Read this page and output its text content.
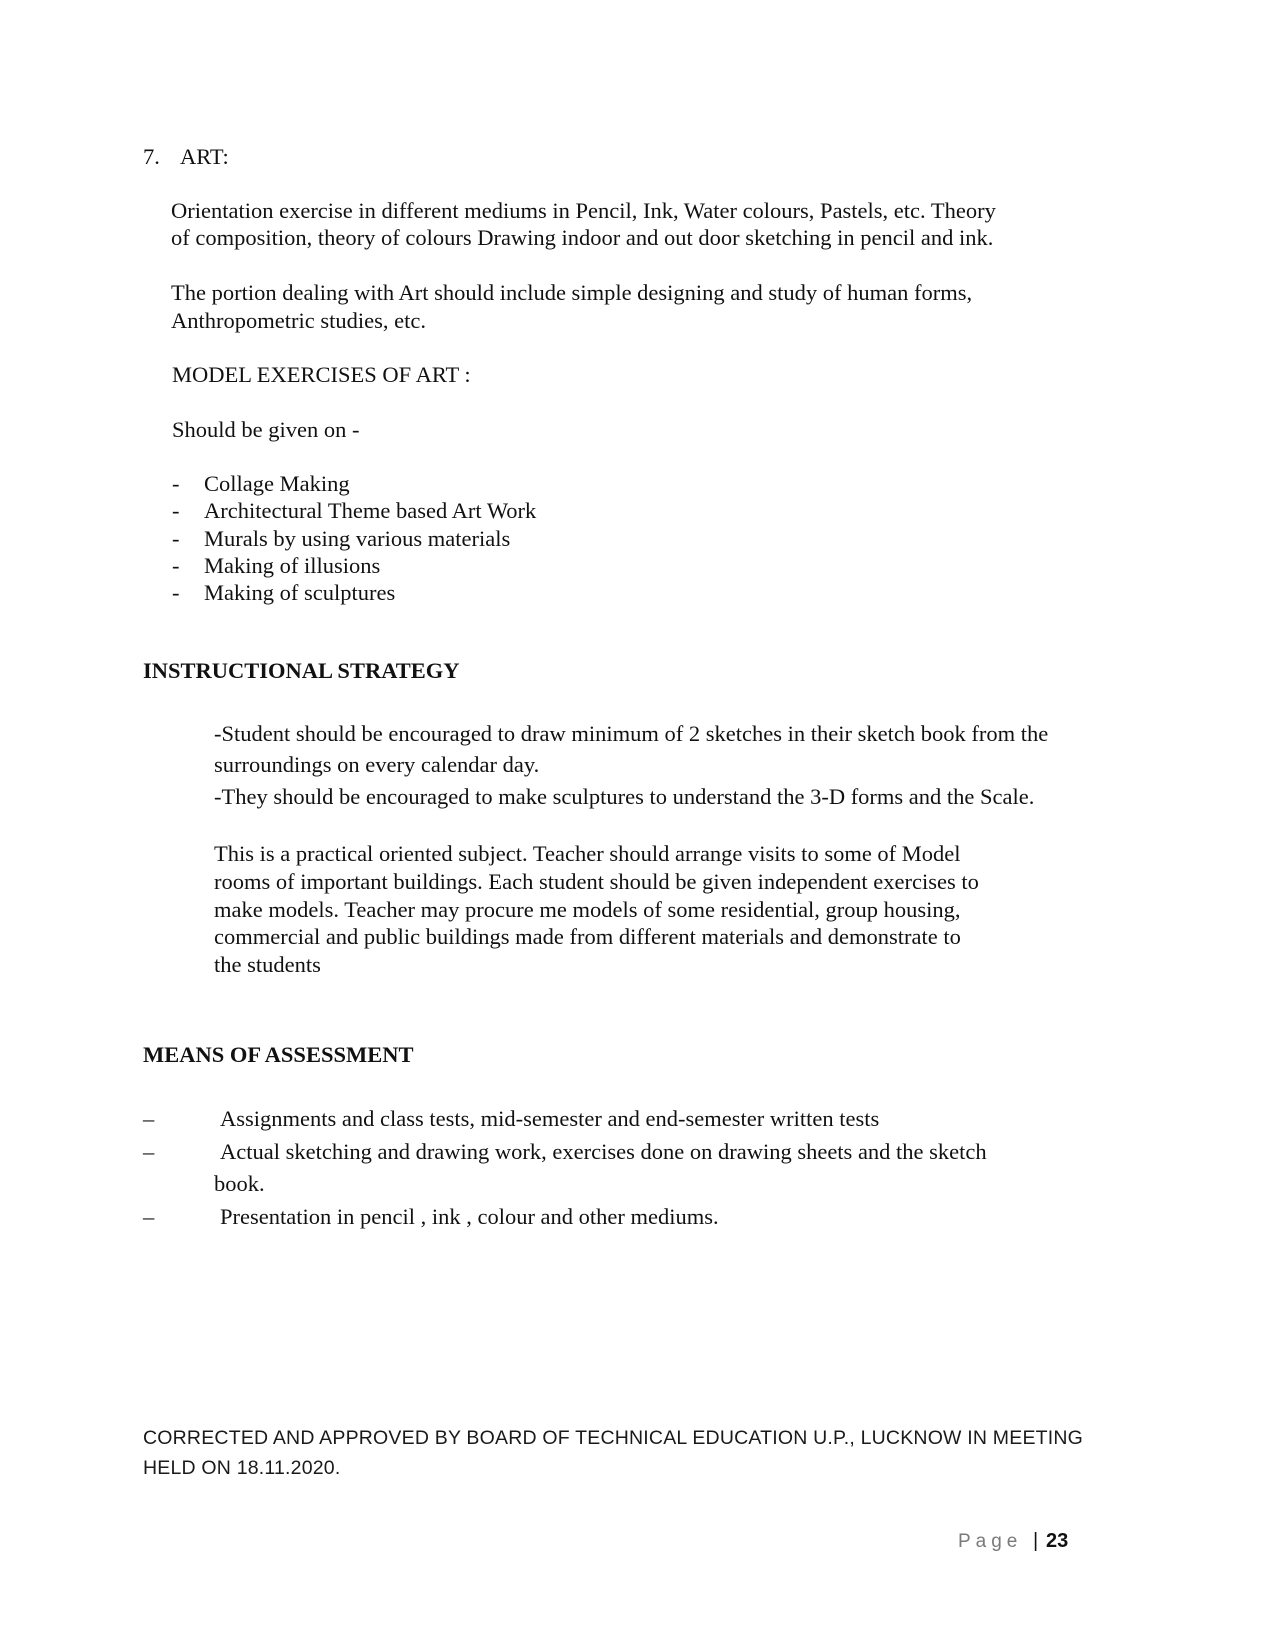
7. ART:
Orientation exercise in different mediums in Pencil, Ink, Water colours, Pastels, etc. Theory
of composition, theory of colours Drawing indoor and out door sketching in pencil and ink.
The portion dealing with Art should include simple designing and study of human forms,
Anthropometric studies, etc.
MODEL EXERCISES OF ART :
Should be given on -
- Collage Making
- Architectural Theme based Art Work
- Murals by using various materials
- Making of illusions
- Making of sculptures
INSTRUCTIONAL STRATEGY
-Student should be encouraged to draw minimum of 2 sketches in their sketch book from the
surroundings on every calendar day.
-They should be encouraged to make sculptures to understand the 3-D forms and the Scale.
This is a practical oriented subject. Teacher should arrange visits to some of Model
rooms of important buildings. Each student should be given independent exercises to
make models. Teacher may procure me models of some residential, group housing,
commercial and public buildings made from different materials and demonstrate to
the students
MEANS OF ASSESSMENT
–	Assignments and class tests, mid-semester and end-semester written tests
–	Actual sketching and drawing work, exercises done on drawing sheets and the sketch
book.
–	Presentation in pencil , ink , colour and other mediums.
CORRECTED AND APPROVED BY BOARD OF TECHNICAL EDUCATION U.P., LUCKNOW IN MEETING
HELD ON 18.11.2020.
Page | 23
